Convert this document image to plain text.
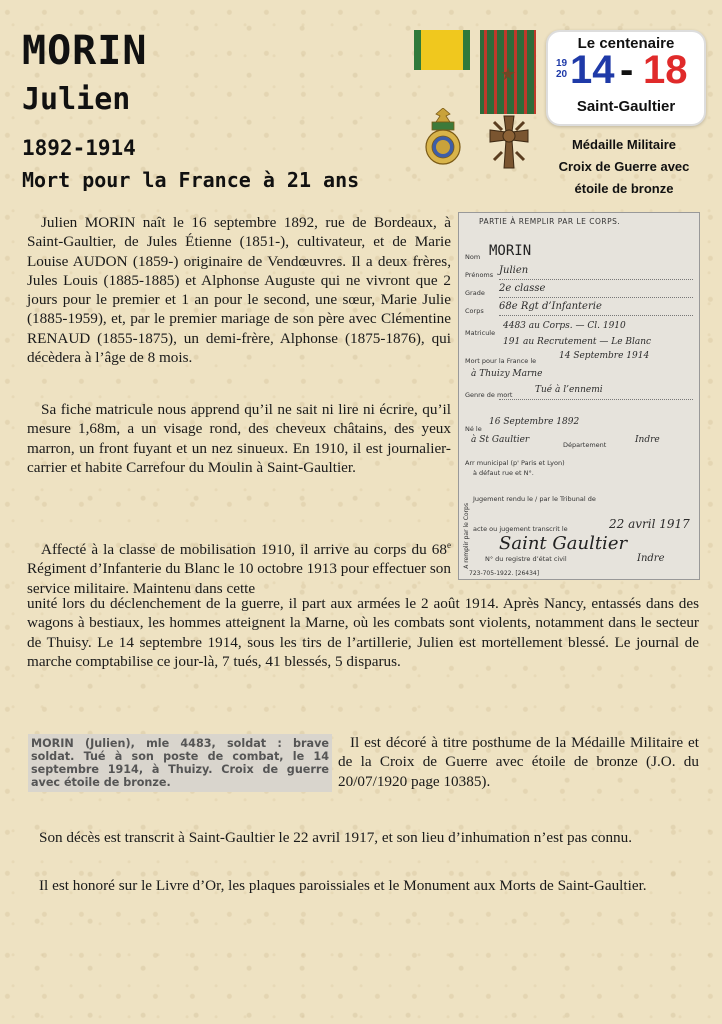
MORIN
Julien
1892-1914
Mort pour la France à 21 ans
★
Le centenaire
19
20 14 - 18
Saint-Gaultier
Médaille Militaire
Croix de Guerre avec
étoile de bronze

Julien MORIN naît le 16 septembre 1892, rue de Bordeaux, à Saint-Gaultier, de Jules Étienne (1851-), cultivateur, et de Marie Louise AUDON (1859-) originaire de Vendœuvres. Il a deux frères, Jules Louis (1885-1885) et Alphonse Auguste qui ne vivront que 2 jours pour le premier et 1 an pour le second, une sœur, Marie Julie (1885-1959), et, par le premier mariage de son père avec Clémentine RENAUD (1855-1875), un demi-frère, Alphonse (1875-1876), qui décèdera à l’âge de 8 mois.

Sa fiche matricule nous apprend qu’il ne sait ni lire ni écrire, qu’il mesure 1,68m, a un visage rond, des cheveux châtains, des yeux marron, un front fuyant et un nez sinueux. En 1910, il est journalier-carrier et habite Carrefour du Moulin à Saint-Gaultier.

Affecté à la classe de mobilisation 1910, il arrive au corps du 68e Régiment d’Infanterie du Blanc le 10 octobre 1913 pour effectuer son service militaire. Maintenu dans cette

unité lors du déclenchement de la guerre, il part aux armées le 2 août 1914. Après Nancy, entassés dans des wagons à bestiaux, les hommes atteignent la Marne, où les combats sont violents, notamment dans le secteur de Thuisy. Le 14 septembre 1914, sous les tirs de l’artillerie, Julien est mortellement blessé. Le journal de marche comptabilise ce jour-là, 7 tués, 41 blessés, 5 disparus.

PARTIE À REMPLIR PAR LE CORPS.
Nom MORIN
Prénoms Julien
Grade 2e classe
Corps 68e Rgt d’Infanterie
Matricule
4483 au Corps. — Cl. 1910
191 au Recrutement — Le Blanc
Mort pour la France le	14 Septembre 1914
à Thuizy Marne
Genre de mort	Tué à l’ennemi
Né le
16 Septembre 1892
à St Gaultier	Département	Indre
Arr municipal (p' Paris et Lyon)
à défaut rue et N°.
Jugement rendu le / par le Tribunal de
acte ou jugement transcrit le	22 avril 1917
Saint Gaultier
Indre
N° du registre d’état civil
À remplir par le Corps
723-705-1922. [26434]
MORIN (Julien), mle 4483, soldat : brave soldat. Tué à son poste de combat, le 14 septembre 1914, à Thuizy. Croix de guerre avec étoile de bronze.

Il est décoré à titre posthume de la Médaille Militaire et de la Croix de Guerre avec étoile de bronze (J.O. du 20/07/1920 page 10385).

Son décès est transcrit à Saint-Gaultier le 22 avril 1917, et son lieu d’inhumation n’est pas connu.

Il est honoré sur le Livre d’Or, les plaques paroissiales et le Monument aux Morts de Saint-Gaultier.
